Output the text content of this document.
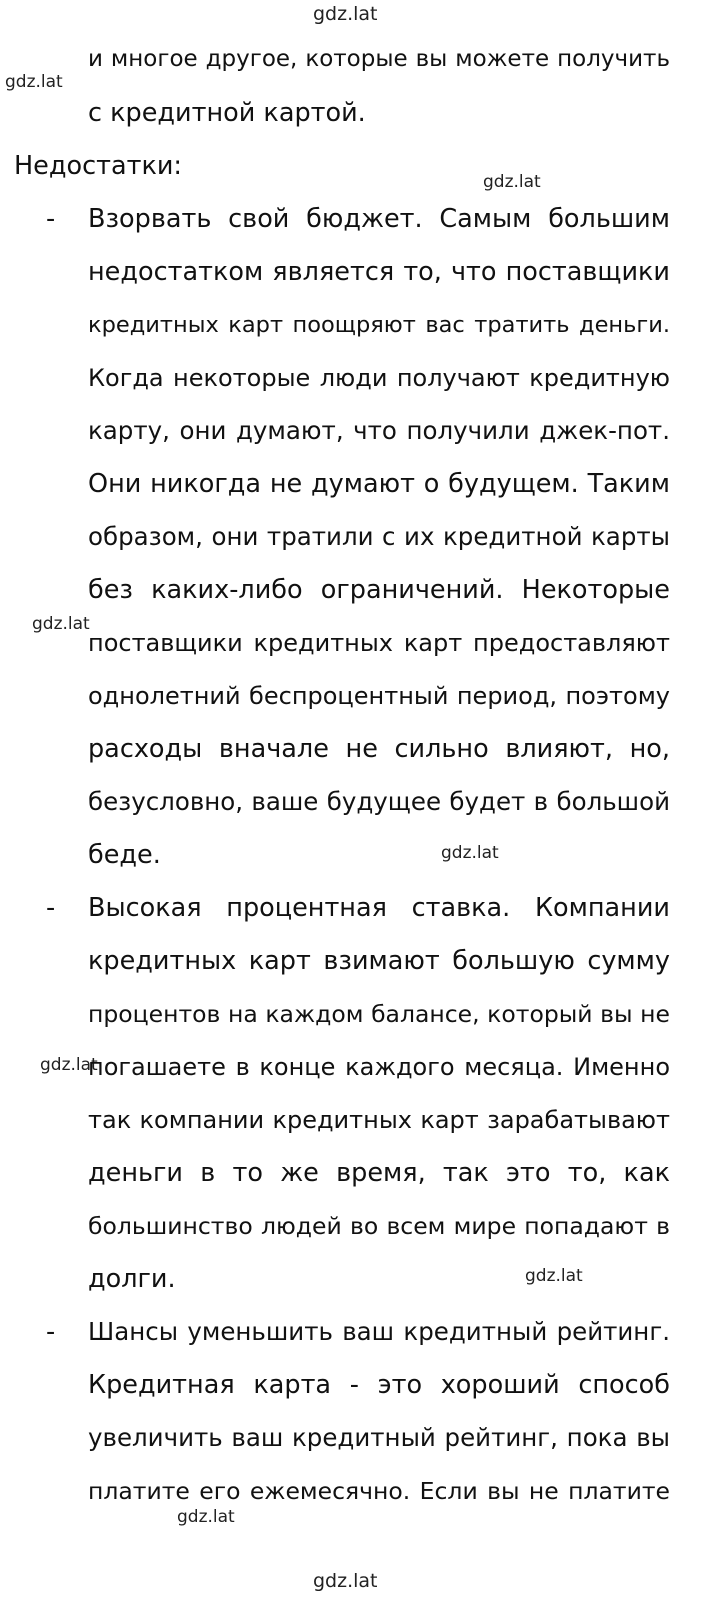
gdz.lat
gdz.lat
gdz.lat
gdz.lat
gdz.lat
gdz.lat
gdz.lat
gdz.lat
gdz.lat
и многое другое, которые вы можете получить
с кредитной картой.
Недостатки:
- Взорвать свой бюджет. Самым большим
недостатком является то, что поставщики
кредитных карт поощряют вас тратить деньги.
Когда некоторые люди получают кредитную
карту, они думают, что получили джек-пот.
Они никогда не думают о будущем. Таким
образом, они тратили с их кредитной карты
без каких-либо ограничений. Некоторые
поставщики кредитных карт предоставляют
однолетний беспроцентный период, поэтому
расходы вначале не сильно влияют, но,
безусловно, ваше будущее будет в большой
беде.
- Высокая процентная ставка. Компании
кредитных карт взимают большую сумму
процентов на каждом балансе, который вы не
погашаете в конце каждого месяца. Именно
так компании кредитных карт зарабатывают
деньги в то же время, так это то, как
большинство людей во всем мире попадают в
долги.
- Шансы уменьшить ваш кредитный рейтинг.
Кредитная карта - это хороший способ
увеличить ваш кредитный рейтинг, пока вы
платите его ежемесячно. Если вы не платите
